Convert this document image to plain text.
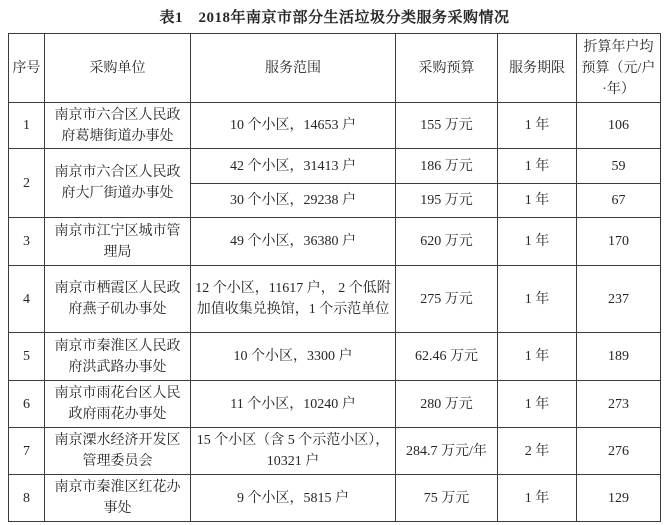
表1　2018年南京市部分生活垃圾分类服务采购情况
序号	采购单位	服务范围	采购预算	服务期限	折算年户均预算（元/户·年）
1	南京市六合区人民政府葛塘街道办事处	10 个小区，14653 户	155 万元	1 年	106
2	南京市六合区人民政府大厂街道办事处	42 个小区，31413 户	186 万元	1 年	59
		30 个小区，29238 户	195 万元	1 年	67
3	南京市江宁区城市管理局	49 个小区，36380 户	620 万元	1 年	170
4	南京市栖霞区人民政府燕子矶办事处	12 个小区，11617 户， 2 个低附加值收集兑换馆，1 个示范单位	275 万元	1 年	237
5	南京市秦淮区人民政府洪武路办事处	10 个小区，3300 户	62.46 万元	1 年	189
6	南京市雨花台区人民政府雨花办事处	11 个小区，10240 户	280 万元	1 年	273
7	南京溧水经济开发区管理委员会	15 个小区（含 5 个示范小区），10321 户	284.7 万元/年	2 年	276
8	南京市秦淮区红花办事处	9 个小区，5815 户	75 万元	1 年	129
